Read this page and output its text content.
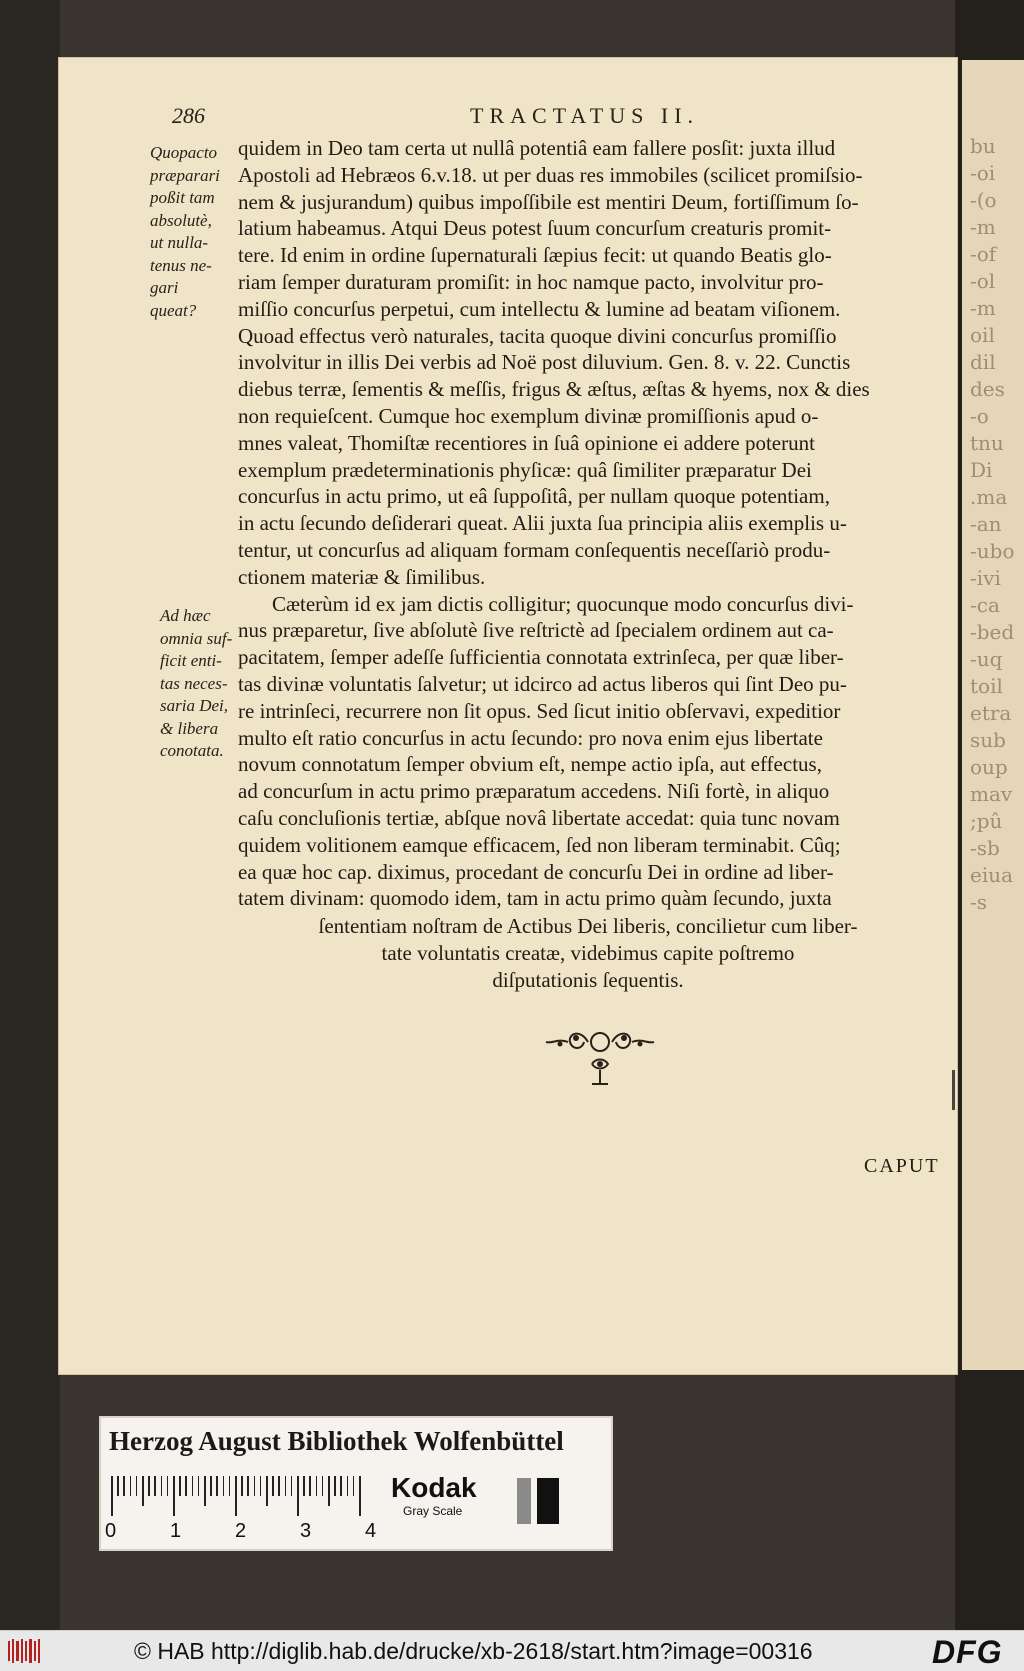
bu
-oi
-(o
-m
-of
-ol
-m
oil
dil
des
-o
tnu
Di
.ma
-an
-ubo
-ivi
-ca
-bed
-uq
toil
etra
sub
oup
mav
;pû
-sb
eiua
-s
286	TRACTATUS II.
Quopacto
præparari
poßit tam
absolutè,
ut nulla-
tenus ne-
gari
queat?
Ad hæc
omnia suf-
ficit enti-
tas neces-
saria Dei,
& libera
conotata.
quidem in Deo tam certa ut nullâ potentiâ eam fallere posſit: juxta illud
Apostoli ad Hebræos 6.v.18. ut per duas res immobiles (scilicet promiſsio-
nem & jusjurandum) quibus impoſſibile est mentiri Deum, fortiſſimum ſo-
latium habeamus. Atqui Deus potest ſuum concurſum creaturis promit-
tere. Id enim in ordine ſupernaturali ſæpius fecit: ut quando Beatis glo-
riam ſemper duraturam promiſit: in hoc namque pacto, involvitur pro-
miſſio concurſus perpetui, cum intellectu & lumine ad beatam viſionem.
Quoad effectus verò naturales, tacita quoque divini concurſus promiſſio
involvitur in illis Dei verbis ad Noë post diluvium. Gen. 8. v. 22. Cunctis
diebus terræ, ſementis & meſſis, frigus & æſtus, æſtas & hyems, nox & dies
non requieſcent. Cumque hoc exemplum divinæ promiſſionis apud o-
mnes valeat, Thomiſtæ recentiores in ſuâ opinione ei addere poterunt
exemplum prædeterminationis phyſicæ: quâ ſimiliter præparatur Dei
concurſus in actu primo, ut eâ ſuppoſitâ, per nullam quoque potentiam,
in actu ſecundo deſiderari queat. Alii juxta ſua principia aliis exemplis u-
tentur, ut concurſus ad aliquam formam conſequentis neceſſariò produ-
ctionem materiæ & ſimilibus.
Cæterùm id ex jam dictis colligitur; quocunque modo concurſus divi-
nus præparetur, ſive abſolutè ſive reſtrictè ad ſpecialem ordinem aut ca-
pacitatem, ſemper adeſſe ſufficientia connotata extrinſeca, per quæ liber-
tas divinæ voluntatis ſalvetur; ut idcirco ad actus liberos qui ſint Deo pu-
re intrinſeci, recurrere non ſit opus. Sed ſicut initio obſervavi, expeditior
multo eſt ratio concurſus in actu ſecundo: pro nova enim ejus libertate
novum connotatum ſemper obvium eſt, nempe actio ipſa, aut effectus,
ad concurſum in actu primo præparatum accedens. Niſi fortè, in aliquo
caſu concluſionis tertiæ, abſque novâ libertate accedat: quia tunc novam
quidem volitionem eamque efficacem, ſed non liberam terminabit. Cûq;
ea quæ hoc cap. diximus, procedant de concurſu Dei in ordine ad liber-
tatem divinam: quomodo idem, tam in actu primo quàm ſecundo, juxta
ſententiam noſtram de Actibus Dei liberis, concilietur cum liber-
tate voluntatis creatæ, videbimus capite poſtremo
diſputationis ſequentis.
CAPUT
Herzog August Bibliothek Wolfenbüttel
0	1	2	3	4
Kodak
Gray Scale
© HAB http://diglib.hab.de/drucke/xb-2618/start.htm?image=00316	DFG
